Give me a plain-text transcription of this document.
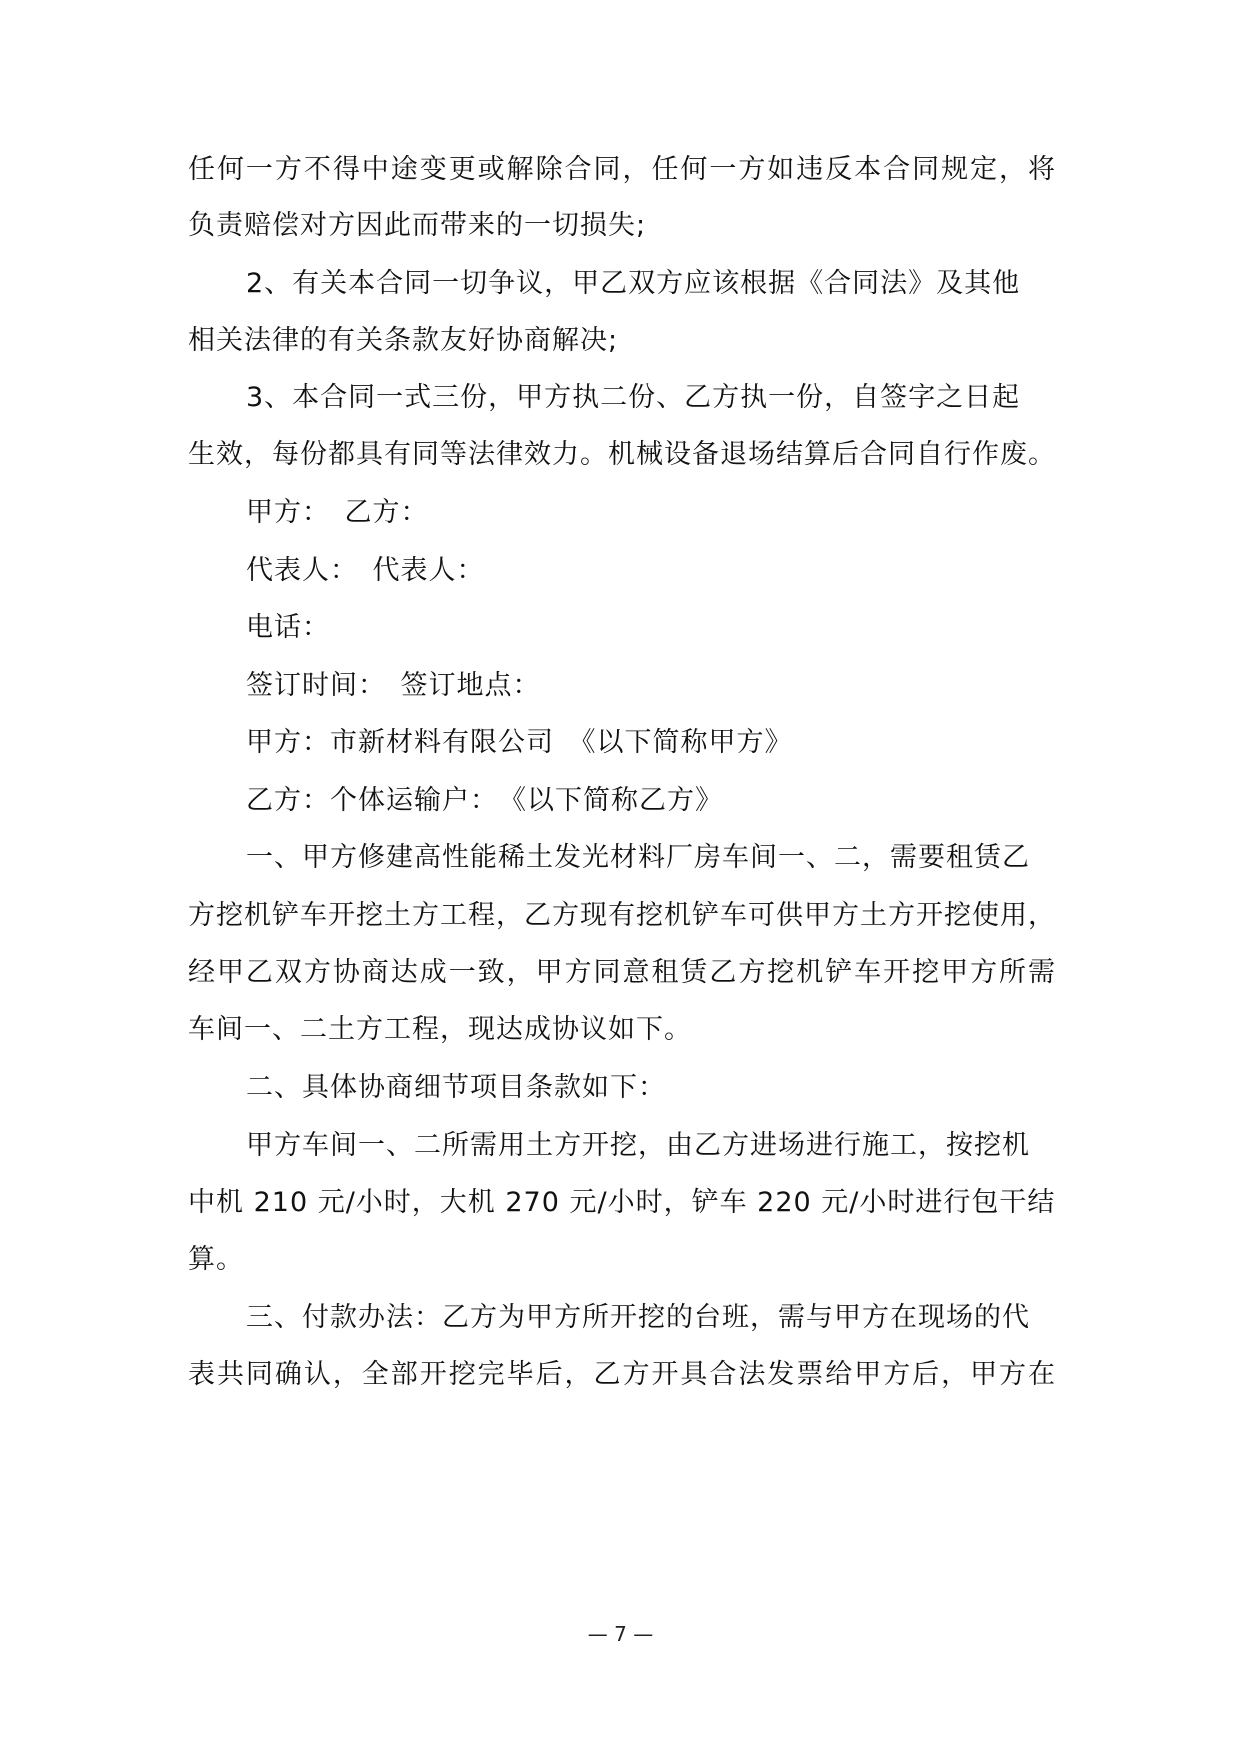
任何一方不得中途变更或解除合同，任何一方如违反本合同规定，将
负责赔偿对方因此而带来的一切损失;
2、有关本合同一切争议，甲乙双方应该根据《合同法》及其他
相关法律的有关条款友好协商解决;
3、本合同一式三份，甲方执二份、乙方执一份，自签字之日起
生效，每份都具有同等法律效力。机械设备退场结算后合同自行作废。
甲方：　乙方：
代表人：　代表人：
电话：
签订时间：　签订地点：
甲方：市新材料有限公司　《以下简称甲方》
乙方：个体运输户：　《以下简称乙方》
一、甲方修建高性能稀土发光材料厂房车间一、二，需要租赁乙
方挖机铲车开挖土方工程，乙方现有挖机铲车可供甲方土方开挖使用，
经甲乙双方协商达成一致，甲方同意租赁乙方挖机铲车开挖甲方所需
车间一、二土方工程，现达成协议如下。
二、具体协商细节项目条款如下：
甲方车间一、二所需用土方开挖，由乙方进场进行施工，按挖机
中机 210 元/小时，大机 270 元/小时，铲车 220 元/小时进行包干结
算。
三、付款办法：乙方为甲方所开挖的台班，需与甲方在现场的代
表共同确认，全部开挖完毕后，乙方开具合法发票给甲方后，甲方在
— 7 —
